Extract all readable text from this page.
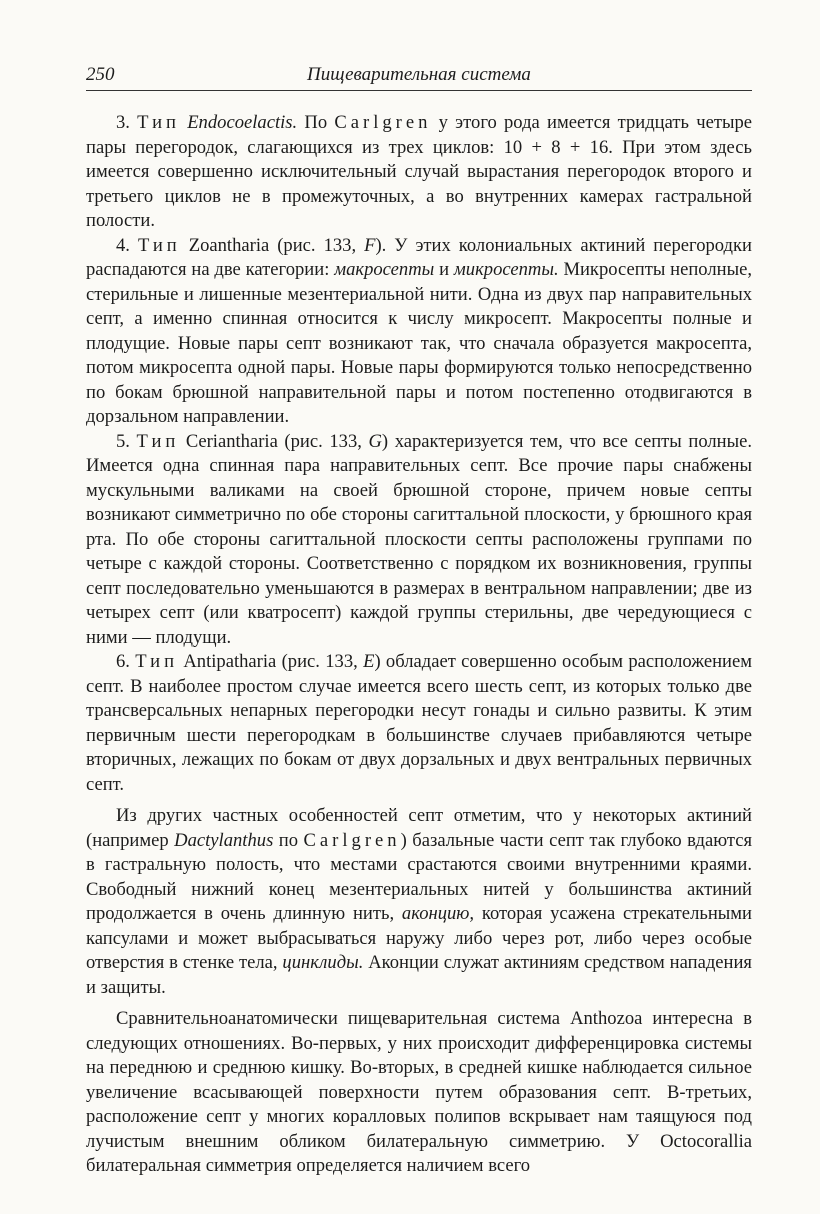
250	Пищеварительная система

3. Тип Endocoelactis. По Carlgren у этого рода имеется тридцать четыре пары перегородок, слагающихся из трех циклов: 10 + 8 + 16. При этом здесь имеется совершенно исключительный случай вырастания перегородок второго и третьего циклов не в промежуточных, а во внутренних камерах гастральной полости.

4. Тип Zoantharia (рис. 133, F). У этих колониальных актиний перегородки распадаются на две категории: макросепты и микросепты. Микросепты неполные, стерильные и лишенные мезентериальной нити. Одна из двух пар направительных септ, а именно спинная относится к числу микросепт. Макросепты полные и плодущие. Новые пары септ возникают так, что сначала образуется макросепта, потом микросепта одной пары. Новые пары формируются только непосредственно по бокам брюшной направительной пары и потом постепенно отодвигаются в дорзальном направлении.

5. Тип Ceriantharia (рис. 133, G) характеризуется тем, что все септы полные. Имеется одна спинная пара направительных септ. Все прочие пары снабжены мускульными валиками на своей брюшной стороне, причем новые септы возникают симметрично по обе стороны сагиттальной плоскости, у брюшного края рта. По обе стороны сагиттальной плоскости септы расположены группами по четыре с каждой стороны. Соответственно с порядком их возникновения, группы септ последовательно уменьшаются в размерах в вентральном направлении; две из четырех септ (или кватросепт) каждой группы стерильны, две чередующиеся с ними — плодущи.

6. Тип Antipatharia (рис. 133, E) обладает совершенно особым расположением септ. В наиболее простом случае имеется всего шесть септ, из которых только две трансверсальных непарных перегородки несут гонады и сильно развиты. К этим первичным шести перегородкам в большинстве случаев прибавляются четыре вторичных, лежащих по бокам от двух дорзальных и двух вентральных первичных септ.

Из других частных особенностей септ отметим, что у некоторых актиний (например Dactylanthus по Carlgren) базальные части септ так глубоко вдаются в гастральную полость, что местами срастаются своими внутренними краями. Свободный нижний конец мезентериальных нитей у большинства актиний продолжается в очень длинную нить, аконцию, которая усажена стрекательными капсулами и может выбрасываться наружу либо через рот, либо через особые отверстия в стенке тела, цинклиды. Аконции служат актиниям средством нападения и защиты.

Сравнительноанатомически пищеварительная система Anthozoa интересна в следующих отношениях. Во-первых, у них происходит дифференцировка системы на переднюю и среднюю кишку. Во-вторых, в средней кишке наблюдается сильное увеличение всасывающей поверхности путем образования септ. В-третьих, расположение септ у многих коралловых полипов вскрывает нам таящуюся под лучистым внешним обликом билатеральную симметрию. У Octocorallia билатеральная симметрия определяется наличием всего
